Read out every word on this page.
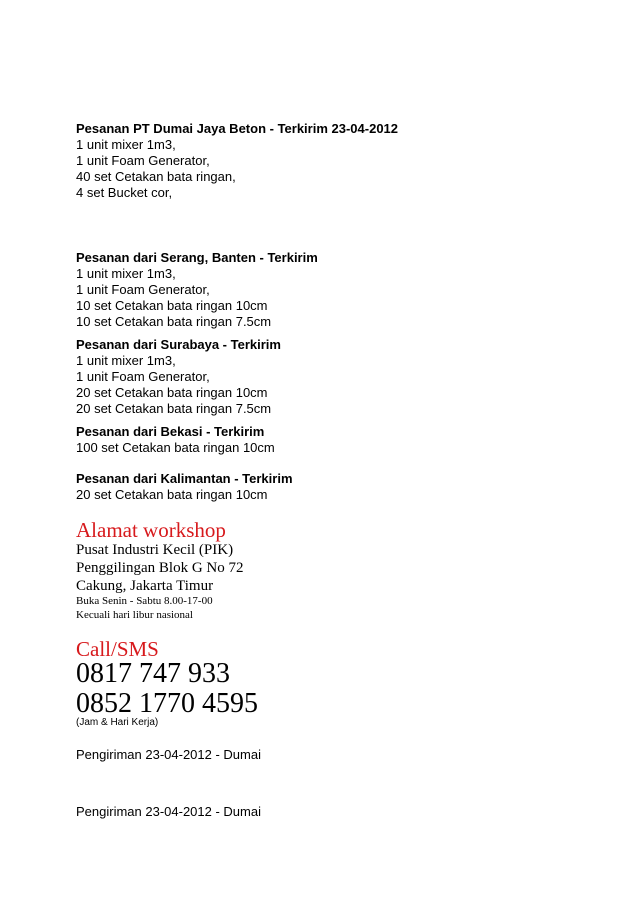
Pesanan PT Dumai Jaya Beton - Terkirim 23-04-2012
1 unit mixer 1m3,
1 unit Foam Generator,
40 set Cetakan bata ringan,
4 set Bucket cor,
Pesanan dari Serang, Banten - Terkirim
1 unit mixer 1m3,
1 unit Foam Generator,
10 set Cetakan bata ringan 10cm
10 set Cetakan bata ringan 7.5cm
Pesanan dari Surabaya - Terkirim
1 unit mixer 1m3,
1 unit Foam Generator,
20 set Cetakan bata ringan 10cm
20 set Cetakan bata ringan 7.5cm
Pesanan dari Bekasi - Terkirim
100 set Cetakan bata ringan 10cm
Pesanan dari Kalimantan - Terkirim
20 set Cetakan bata ringan 10cm
Alamat workshop
Pusat Industri Kecil (PIK)
Penggilingan Blok G No 72
Cakung, Jakarta Timur
Buka Senin - Sabtu 8.00-17-00
Kecuali hari libur nasional
Call/SMS
0817 747 933
0852 1770 4595
(Jam & Hari Kerja)
Pengiriman 23-04-2012 - Dumai
Pengiriman 23-04-2012 - Dumai
